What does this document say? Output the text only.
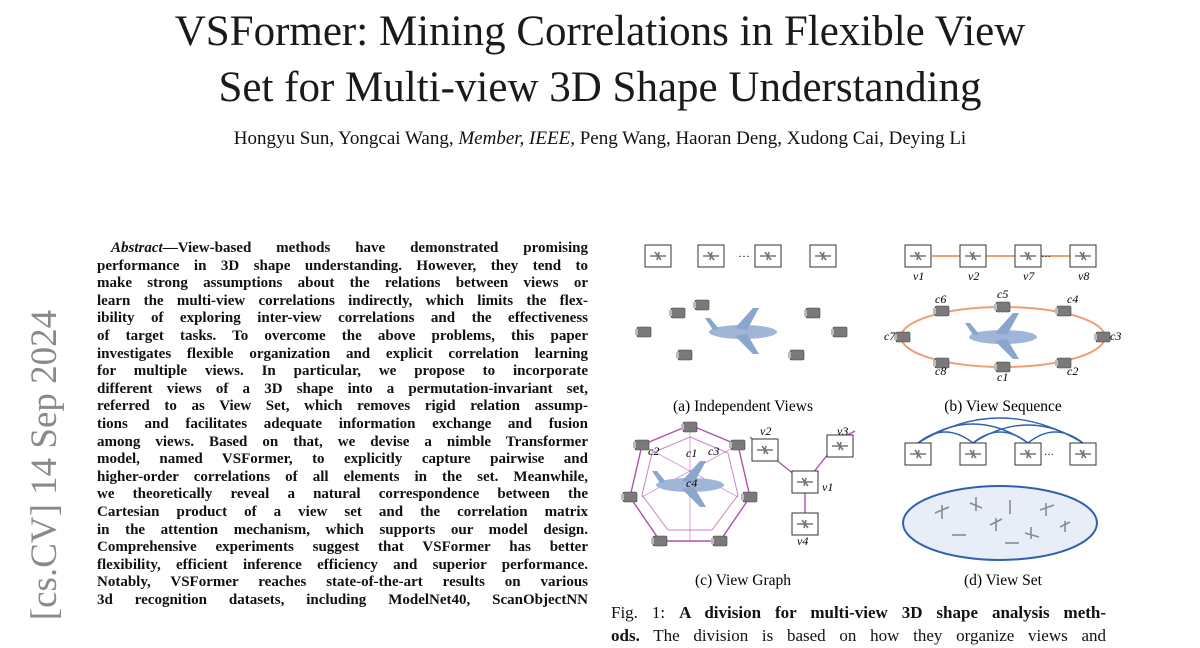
VSFormer: Mining Correlations in Flexible View
Set for Multi-view 3D Shape Understanding
Hongyu Sun, Yongcai Wang, Member, IEEE, Peng Wang, Haoran Deng, Xudong Cai, Deying Li
[cs.CV] 14 Sep 2024
Abstract—View-based methods have demonstrated promising
performance in 3D shape understanding. However, they tend to
make strong assumptions about the relations between views or
learn the multi-view correlations indirectly, which limits the flex-
ibility of exploring inter-view correlations and the effectiveness
of target tasks. To overcome the above problems, this paper
investigates flexible organization and explicit correlation learning
for multiple views. In particular, we propose to incorporate
different views of a 3D shape into a permutation-invariant set,
referred to as View Set, which removes rigid relation assump-
tions and facilitates adequate information exchange and fusion
among views. Based on that, we devise a nimble Transformer
model, named VSFormer, to explicitly capture pairwise and
higher-order correlations of all elements in the set. Meanwhile,
we theoretically reveal a natural correspondence between the
Cartesian product of a view set and the correlation matrix
in the attention mechanism, which supports our model design.
Comprehensive experiments suggest that VSFormer has better
flexibility, efficient inference efficiency and superior performance.
Notably, VSFormer reaches state-of-the-art results on various
3d recognition datasets, including ModelNet40, ScanObjectNN
···	···
v1	v2	v7	v8
c6	c5	c4
c7	c3
c8	c1	c2
c2 c1 c3
c4
v2	v3
v1
v4
···
(a) Independent Views	(b) View Sequence
(c) View Graph	(d) View Set
Fig. 1: A division for multi-view 3D shape analysis meth-
ods. The division is based on how they organize views and
